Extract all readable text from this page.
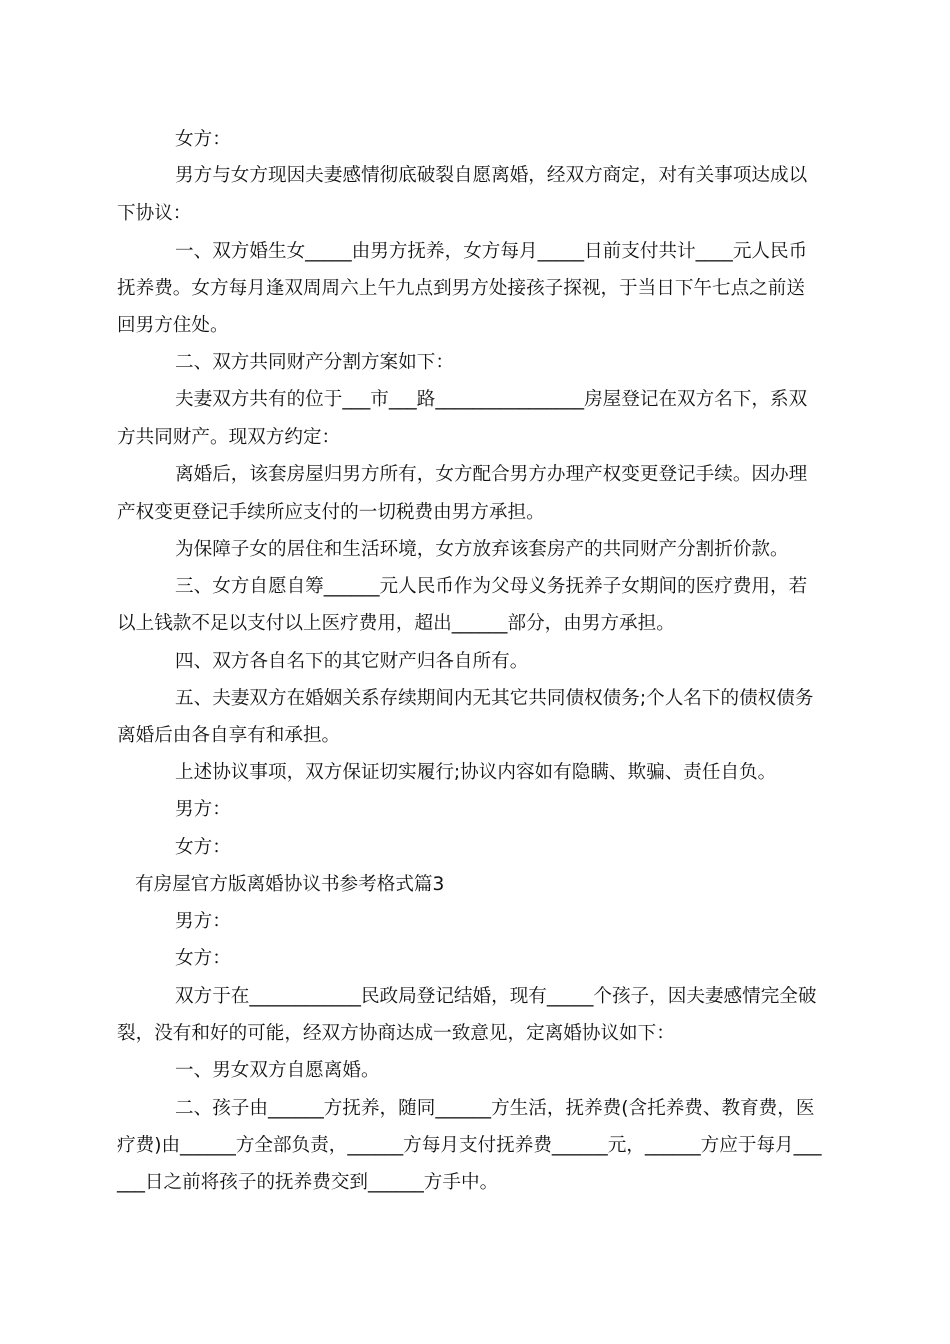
女方：
男方与女方现因夫妻感情彻底破裂自愿离婚，经双方商定，对有关事项达成以
下协议：
一、双方婚生女_____由男方抚养，女方每月_____日前支付共计____元人民币
抚养费。女方每月逢双周周六上午九点到男方处接孩子探视，于当日下午七点之前送
回男方住处。
二、双方共同财产分割方案如下：
夫妻双方共有的位于___市___路________________房屋登记在双方名下，系双
方共同财产。现双方约定：
离婚后，该套房屋归男方所有，女方配合男方办理产权变更登记手续。因办理
产权变更登记手续所应支付的一切税费由男方承担。
为保障子女的居住和生活环境，女方放弃该套房产的共同财产分割折价款。
三、女方自愿自筹______元人民币作为父母义务抚养子女期间的医疗费用，若
以上钱款不足以支付以上医疗费用，超出______部分，由男方承担。
四、双方各自名下的其它财产归各自所有。
五、夫妻双方在婚姻关系存续期间内无其它共同债权债务;个人名下的债权债务
离婚后由各自享有和承担。
上述协议事项，双方保证切实履行;协议内容如有隐瞒、欺骗、责任自负。
男方：
女方：
有房屋官方版离婚协议书参考格式篇3
男方：
女方：
双方于在____________民政局登记结婚，现有_____个孩子，因夫妻感情完全破
裂，没有和好的可能，经双方协商达成一致意见，定离婚协议如下：
一、男女双方自愿离婚。
二、孩子由______方抚养，随同______方生活，抚养费(含托养费、教育费，医
疗费)由______方全部负责，______方每月支付抚养费______元，______方应于每月___
___日之前将孩子的抚养费交到______方手中。
